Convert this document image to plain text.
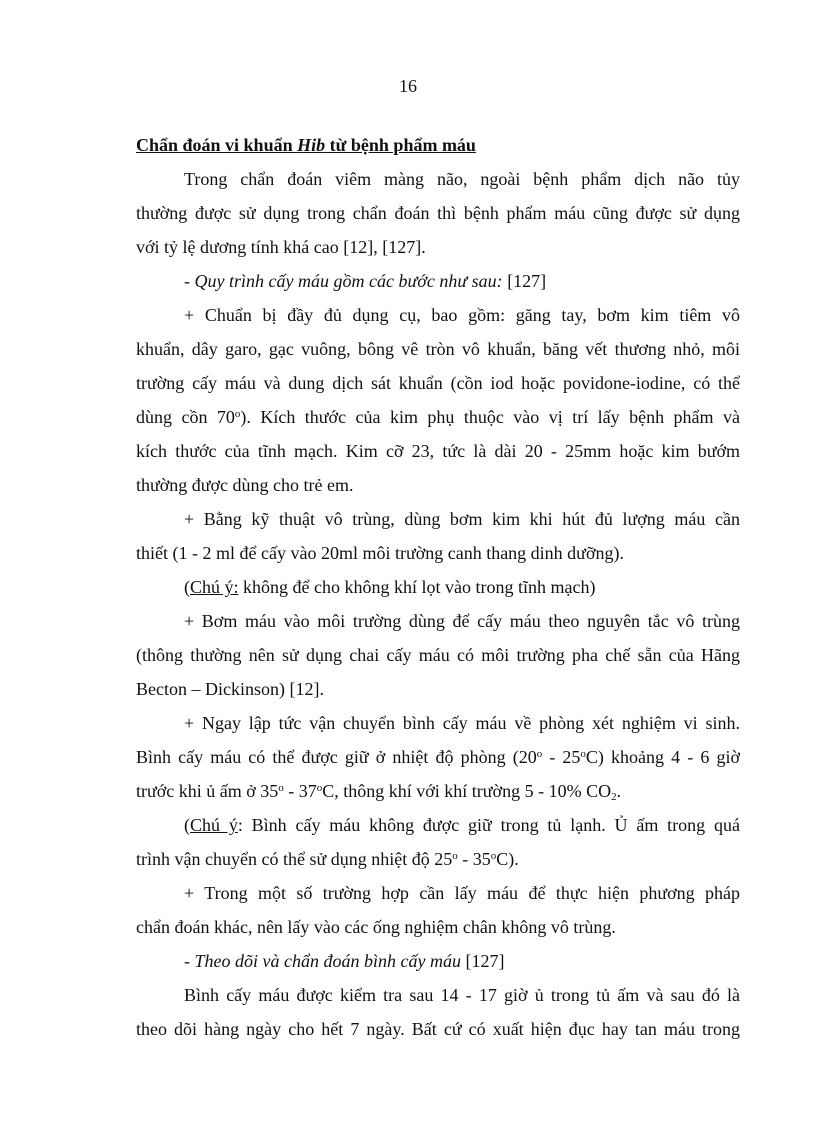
16
Chẩn đoán vi khuẩn Hib từ bệnh phẩm máu
Trong chẩn đoán viêm màng não, ngoài bệnh phẩm dịch não tủy
thường được sử dụng trong chẩn đoán thì bệnh phẩm máu cũng được sử dụng
với tỷ lệ dương tính khá cao [12], [127].
- Quy trình cấy máu gồm các bước như sau: [127]
+ Chuẩn bị đầy đủ dụng cụ, bao gồm: găng tay, bơm kim tiêm vô
khuẩn, dây garo, gạc vuông, bông vê tròn vô khuẩn, băng vết thương nhỏ, môi
trường cấy máu và dung dịch sát khuẩn (cồn iod hoặc povidone-iodine, có thể
dùng cồn 70$^o$). Kích thước của kim phụ thuộc vào vị trí lấy bệnh phẩm và
kích thước của tĩnh mạch. Kim cỡ 23, tức là dài 20 - 25mm hoặc kim bướm
thường được dùng cho trẻ em.
+ Bằng kỹ thuật vô trùng, dùng bơm kim khi hút đủ lượng máu cần
thiết (1 - 2 ml để cấy vào 20ml môi trường canh thang dinh dưỡng).
(Chú ý: không để cho không khí lọt vào trong tĩnh mạch)
+ Bơm máu vào môi trường dùng để cấy máu theo nguyên tắc vô trùng
(thông thường nên sử dụng chai cấy máu có môi trường pha chế sẵn của Hãng
Becton – Dickinson) [12].
+ Ngay lập tức vận chuyển bình cấy máu về phòng xét nghiệm vi sinh.
Bình cấy máu có thể được giữ ở nhiệt độ phòng (20$^o$ - 25$^o$C) khoảng 4 - 6 giờ
trước khi ủ ấm ở 35$^o$ - 37$^o$C, thông khí với khí trường 5 - 10% $CO_2$.
(Chú ý: Bình cấy máu không được giữ trong tủ lạnh. Ủ ấm trong quá
trình vận chuyển có thể sử dụng nhiệt độ $25^o - 35^oC$).
+ Trong một số trường hợp cần lấy máu để thực hiện phương pháp
chẩn đoán khác, nên lấy vào các ống nghiệm chân không vô trùng.
- Theo dõi và chẩn đoán bình cấy máu [127]
Bình cấy máu được kiểm tra sau 14 - 17 giờ ủ trong tủ ấm và sau đó là
theo dõi hàng ngày cho hết 7 ngày. Bất cứ có xuất hiện đục hay tan máu trong
